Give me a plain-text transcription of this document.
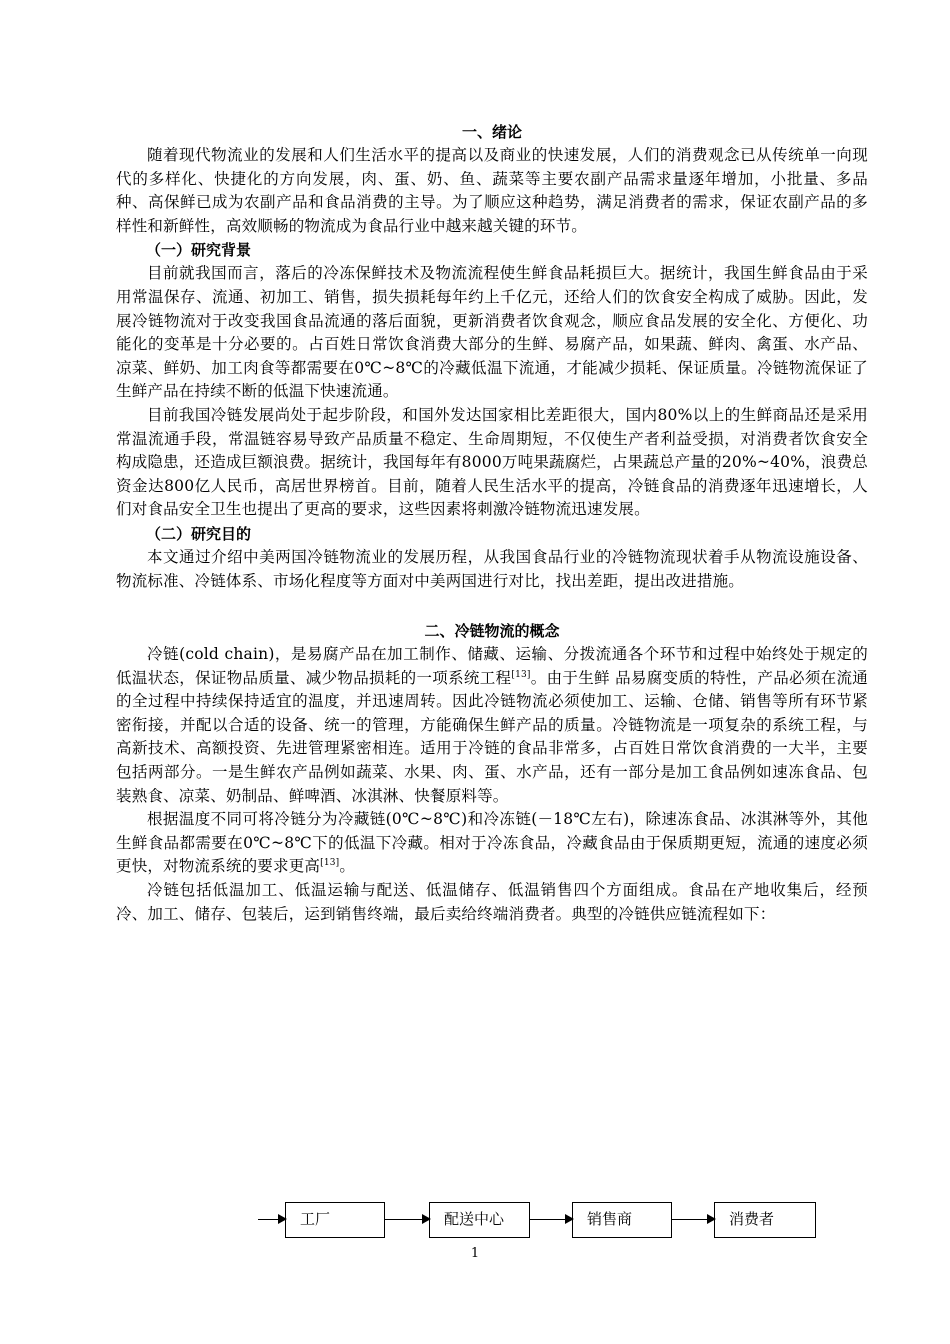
一、绪论

随着现代物流业的发展和人们生活水平的提高以及商业的快速发展，人们的消费观念已从传统单一向现代的多样化、快捷化的方向发展，肉、蛋、奶、鱼、蔬菜等主要农副产品需求量逐年增加，小批量、多品种、高保鲜已成为农副产品和食品消费的主导。为了顺应这种趋势，满足消费者的需求，保证农副产品的多样性和新鲜性，高效顺畅的物流成为食品行业中越来越关键的环节。

（一）研究背景

目前就我国而言，落后的冷冻保鲜技术及物流流程使生鲜食品耗损巨大。据统计，我国生鲜食品由于采用常温保存、流通、初加工、销售，损失损耗每年约上千亿元，还给人们的饮食安全构成了威胁。因此，发展冷链物流对于改变我国食品流通的落后面貌，更新消费者饮食观念，顺应食品发展的安全化、方便化、功能化的变革是十分必要的。占百姓日常饮食消费大部分的生鲜、易腐产品，如果蔬、鲜肉、禽蛋、水产品、凉菜、鲜奶、加工肉食等都需要在0℃~8℃的冷藏低温下流通，才能减少损耗、保证质量。冷链物流保证了生鲜产品在持续不断的低温下快速流通。

目前我国冷链发展尚处于起步阶段，和国外发达国家相比差距很大，国内80%以上的生鲜商品还是采用常温流通手段，常温链容易导致产品质量不稳定、生命周期短，不仅使生产者利益受损，对消费者饮食安全构成隐患，还造成巨额浪费。据统计，我国每年有8000万吨果蔬腐烂，占果蔬总产量的20%~40%，浪费总资金达800亿人民币，高居世界榜首。目前，随着人民生活水平的提高，冷链食品的消费逐年迅速增长，人们对食品安全卫生也提出了更高的要求，这些因素将刺激冷链物流迅速发展。

（二）研究目的

本文通过介绍中美两国冷链物流业的发展历程，从我国食品行业的冷链物流现状着手从物流设施设备、物流标准、冷链体系、市场化程度等方面对中美两国进行对比，找出差距，提出改进措施。

二、冷链物流的概念

冷链(cold chain)，是易腐产品在加工制作、储藏、运输、分拨流通各个环节和过程中始终处于规定的低温状态，保证物品质量、减少物品损耗的一项系统工程[13]。由于生鲜 品易腐变质的特性，产品必须在流通的全过程中持续保持适宜的温度，并迅速周转。因此冷链物流必须使加工、运输、仓储、销售等所有环节紧密衔接，并配以合适的设备、统一的管理，方能确保生鲜产品的质量。冷链物流是一项复杂的系统工程，与高新技术、高额投资、先进管理紧密相连。适用于冷链的食品非常多，占百姓日常饮食消费的一大半，主要包括两部分。一是生鲜农产品例如蔬菜、水果、肉、蛋、水产品，还有一部分是加工食品例如速冻食品、包装熟食、凉菜、奶制品、鲜啤酒、冰淇淋、快餐原料等。

根据温度不同可将冷链分为冷藏链(0℃~8℃)和冷冻链(－18℃左右)，除速冻食品、冰淇淋等外，其他生鲜食品都需要在0℃~8℃下的低温下冷藏。相对于冷冻食品，冷藏食品由于保质期更短，流通的速度必须更快，对物流系统的要求更高[13]。

冷链包括低温加工、低温运输与配送、低温储存、低温销售四个方面组成。食品在产地收集后，经预冷、加工、储存、包装后，运到销售终端，最后卖给终端消费者。典型的冷链供应链流程如下：

工厂	配送中心	销售商	消费者
1
